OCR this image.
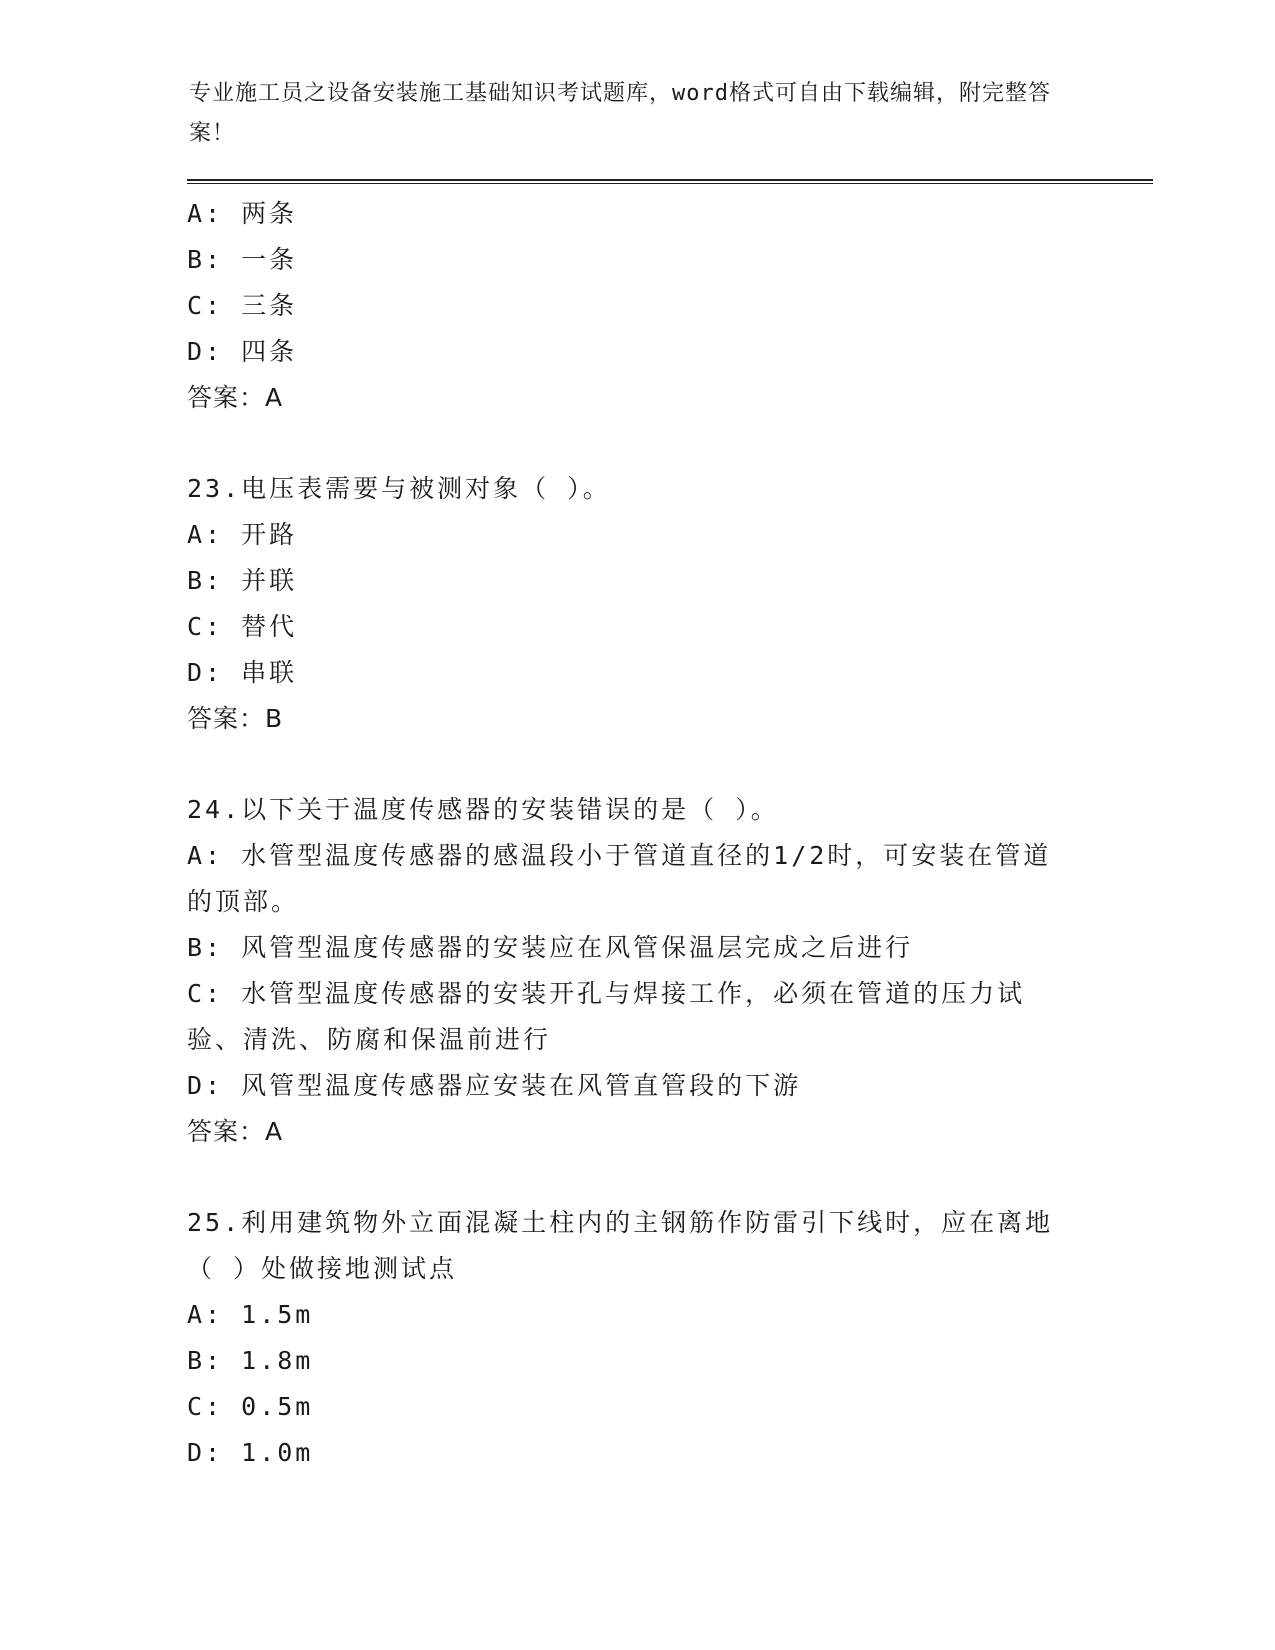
专业施工员之设备安装施工基础知识考试题库，word格式可自由下载编辑，附完整答案！
A: 两条
B: 一条
C: 三条
D: 四条
答案：A
23.电压表需要与被测对象（ ）。
A: 开路
B: 并联
C: 替代
D: 串联
答案：B
24.以下关于温度传感器的安装错误的是（ ）。
A: 水管型温度传感器的感温段小于管道直径的1/2时，可安装在管道的顶部。
B: 风管型温度传感器的安装应在风管保温层完成之后进行
C: 水管型温度传感器的安装开孔与焊接工作，必须在管道的压力试验、清洗、防腐和保温前进行
D: 风管型温度传感器应安装在风管直管段的下游
答案：A
25.利用建筑物外立面混凝土柱内的主钢筋作防雷引下线时，应在离地（ ）处做接地测试点
A: 1.5m
B: 1.8m
C: 0.5m
D: 1.0m
